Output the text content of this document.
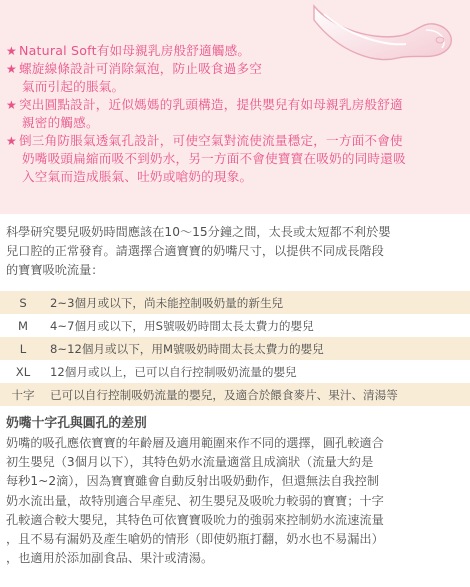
★ Natural Soft有如母親乳房般舒適觸感。
★ 螺旋線條設計可消除氣泡，防止吸食過多空
氣而引起的脹氣。
★ 突出圓點設計，近似媽媽的乳頭構造，提供嬰兒有如母親乳房般舒適
親密的觸感。
★ 倒三角防脹氣透氣孔設計，可使空氣對流使流量穩定，一方面不會使
奶嘴吸頭扁縮而吸不到奶水，另一方面不會使寶寶在吸奶的同時還吸
入空氣而造成脹氣、吐奶或嗆奶的現象。
科學研究嬰兒吸奶時間應該在10～15分鐘之間，太長或太短都不利於嬰
兒口腔的正常發育。請選擇合適寶寶的奶嘴尺寸，以提供不同成長階段
的寶寶吸吮流量：
S	2~3個月或以下，尚未能控制吸奶量的新生兒
M	4~7個月或以下，用S號吸奶時間太長太費力的嬰兒
L	8~12個月或以下，用M號吸奶時間太長太費力的嬰兒
XL	12個月或以上，已可以自行控制吸奶流量的嬰兒
十字	已可以自行控制吸奶流量的嬰兒，及適合於餵食麥片、果汁、清湯等
奶嘴十字孔與圓孔的差別
奶嘴的吸孔應依寶寶的年齡層及適用範圍來作不同的選擇，圓孔較適合
初生嬰兒（3個月以下），其特色奶水流量適當且成滴狀（流量大約是
每秒1~2滴），因為寶寶雖會自動反射出吸奶動作，但還無法自我控制
奶水流出量，故特別適合早產兒、初生嬰兒及吸吮力較弱的寶寶；十字
孔較適合較大嬰兒，其特色可依寶寶吸吮力的強弱來控制奶水流速流量
，且不易有漏奶及產生嗆奶的情形（即使奶瓶打翻，奶水也不易漏出）
，也適用於添加副食品、果汁或清湯。
